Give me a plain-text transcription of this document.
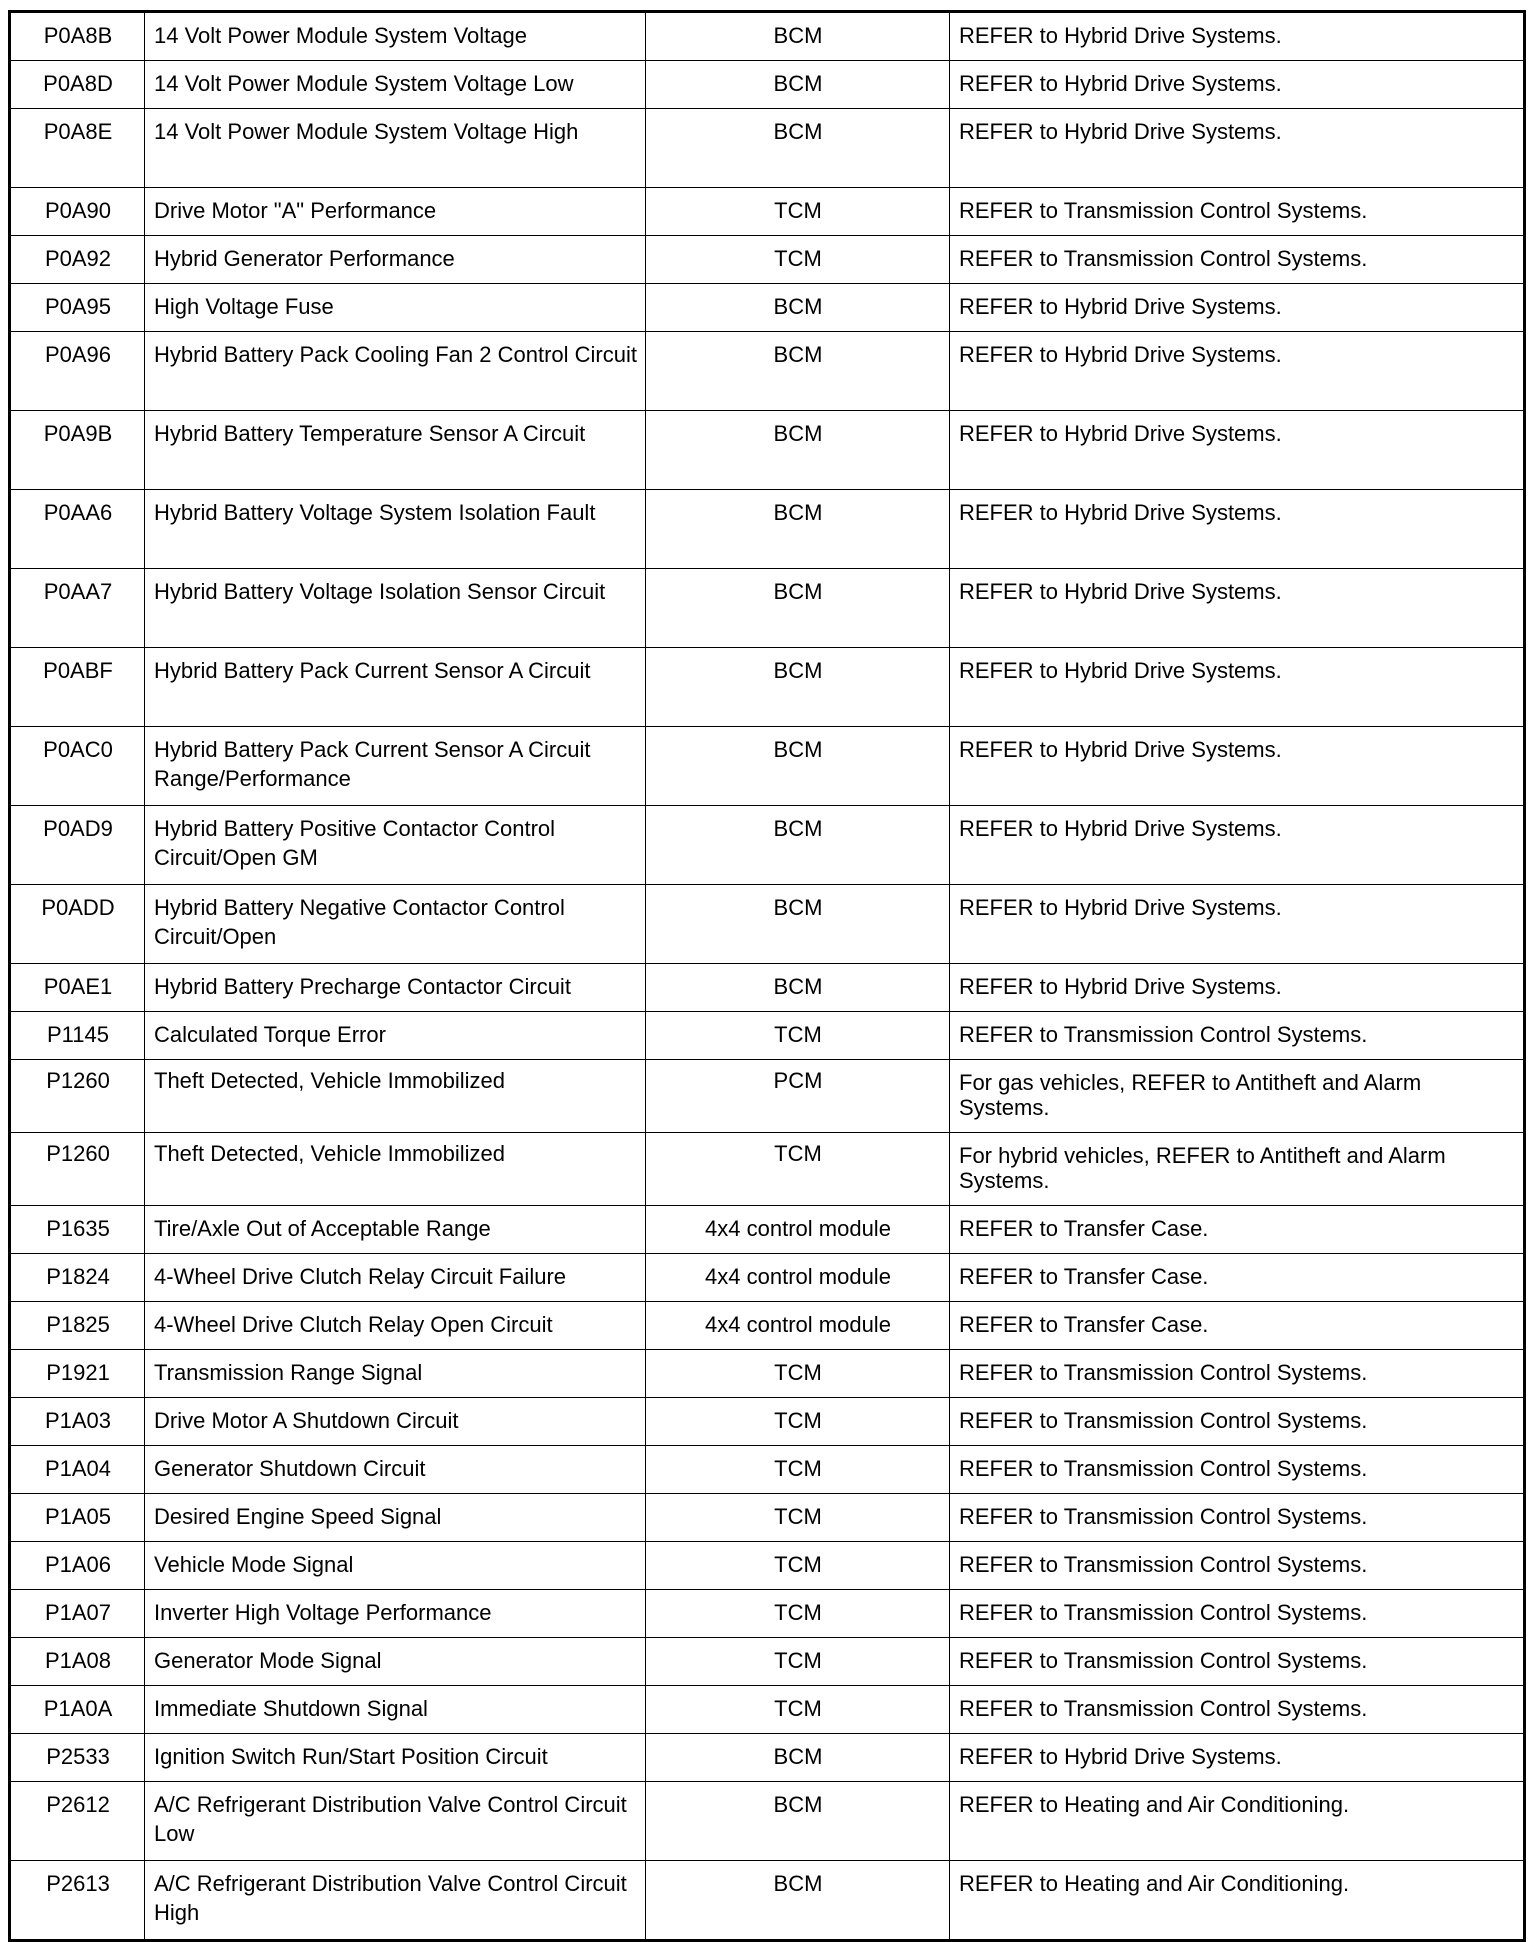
P0A8B	14 Volt Power Module System Voltage	BCM	REFER to Hybrid Drive Systems.
P0A8D	14 Volt Power Module System Voltage Low	BCM	REFER to Hybrid Drive Systems.
P0A8E	14 Volt Power Module System Voltage High	BCM	REFER to Hybrid Drive Systems.
P0A90	Drive Motor "A" Performance	TCM	REFER to Transmission Control Systems.
P0A92	Hybrid Generator Performance	TCM	REFER to Transmission Control Systems.
P0A95	High Voltage Fuse	BCM	REFER to Hybrid Drive Systems.
P0A96	Hybrid Battery Pack Cooling Fan 2 Control Circuit	BCM	REFER to Hybrid Drive Systems.
P0A9B	Hybrid Battery Temperature Sensor A Circuit	BCM	REFER to Hybrid Drive Systems.
P0AA6	Hybrid Battery Voltage System Isolation Fault	BCM	REFER to Hybrid Drive Systems.
P0AA7	Hybrid Battery Voltage Isolation Sensor Circuit	BCM	REFER to Hybrid Drive Systems.
P0ABF	Hybrid Battery Pack Current Sensor A Circuit	BCM	REFER to Hybrid Drive Systems.
P0AC0	Hybrid Battery Pack Current Sensor A Circuit Range/Performance	BCM	REFER to Hybrid Drive Systems.
P0AD9	Hybrid Battery Positive Contactor Control Circuit/Open GM	BCM	REFER to Hybrid Drive Systems.
P0ADD	Hybrid Battery Negative Contactor Control Circuit/Open	BCM	REFER to Hybrid Drive Systems.
P0AE1	Hybrid Battery Precharge Contactor Circuit	BCM	REFER to Hybrid Drive Systems.
P1145	Calculated Torque Error	TCM	REFER to Transmission Control Systems.
P1260	Theft Detected, Vehicle Immobilized	PCM	For gas vehicles, REFER to Antitheft and Alarm Systems.
P1260	Theft Detected, Vehicle Immobilized	TCM	For hybrid vehicles, REFER to Antitheft and Alarm Systems.
P1635	Tire/Axle Out of Acceptable Range	4x4 control module	REFER to Transfer Case.
P1824	4-Wheel Drive Clutch Relay Circuit Failure	4x4 control module	REFER to Transfer Case.
P1825	4-Wheel Drive Clutch Relay Open Circuit	4x4 control module	REFER to Transfer Case.
P1921	Transmission Range Signal	TCM	REFER to Transmission Control Systems.
P1A03	Drive Motor A Shutdown Circuit	TCM	REFER to Transmission Control Systems.
P1A04	Generator Shutdown Circuit	TCM	REFER to Transmission Control Systems.
P1A05	Desired Engine Speed Signal	TCM	REFER to Transmission Control Systems.
P1A06	Vehicle Mode Signal	TCM	REFER to Transmission Control Systems.
P1A07	Inverter High Voltage Performance	TCM	REFER to Transmission Control Systems.
P1A08	Generator Mode Signal	TCM	REFER to Transmission Control Systems.
P1A0A	Immediate Shutdown Signal	TCM	REFER to Transmission Control Systems.
P2533	Ignition Switch Run/Start Position Circuit	BCM	REFER to Hybrid Drive Systems.
P2612	A/C Refrigerant Distribution Valve Control Circuit Low	BCM	REFER to Heating and Air Conditioning.
P2613	A/C Refrigerant Distribution Valve Control Circuit High	BCM	REFER to Heating and Air Conditioning.
